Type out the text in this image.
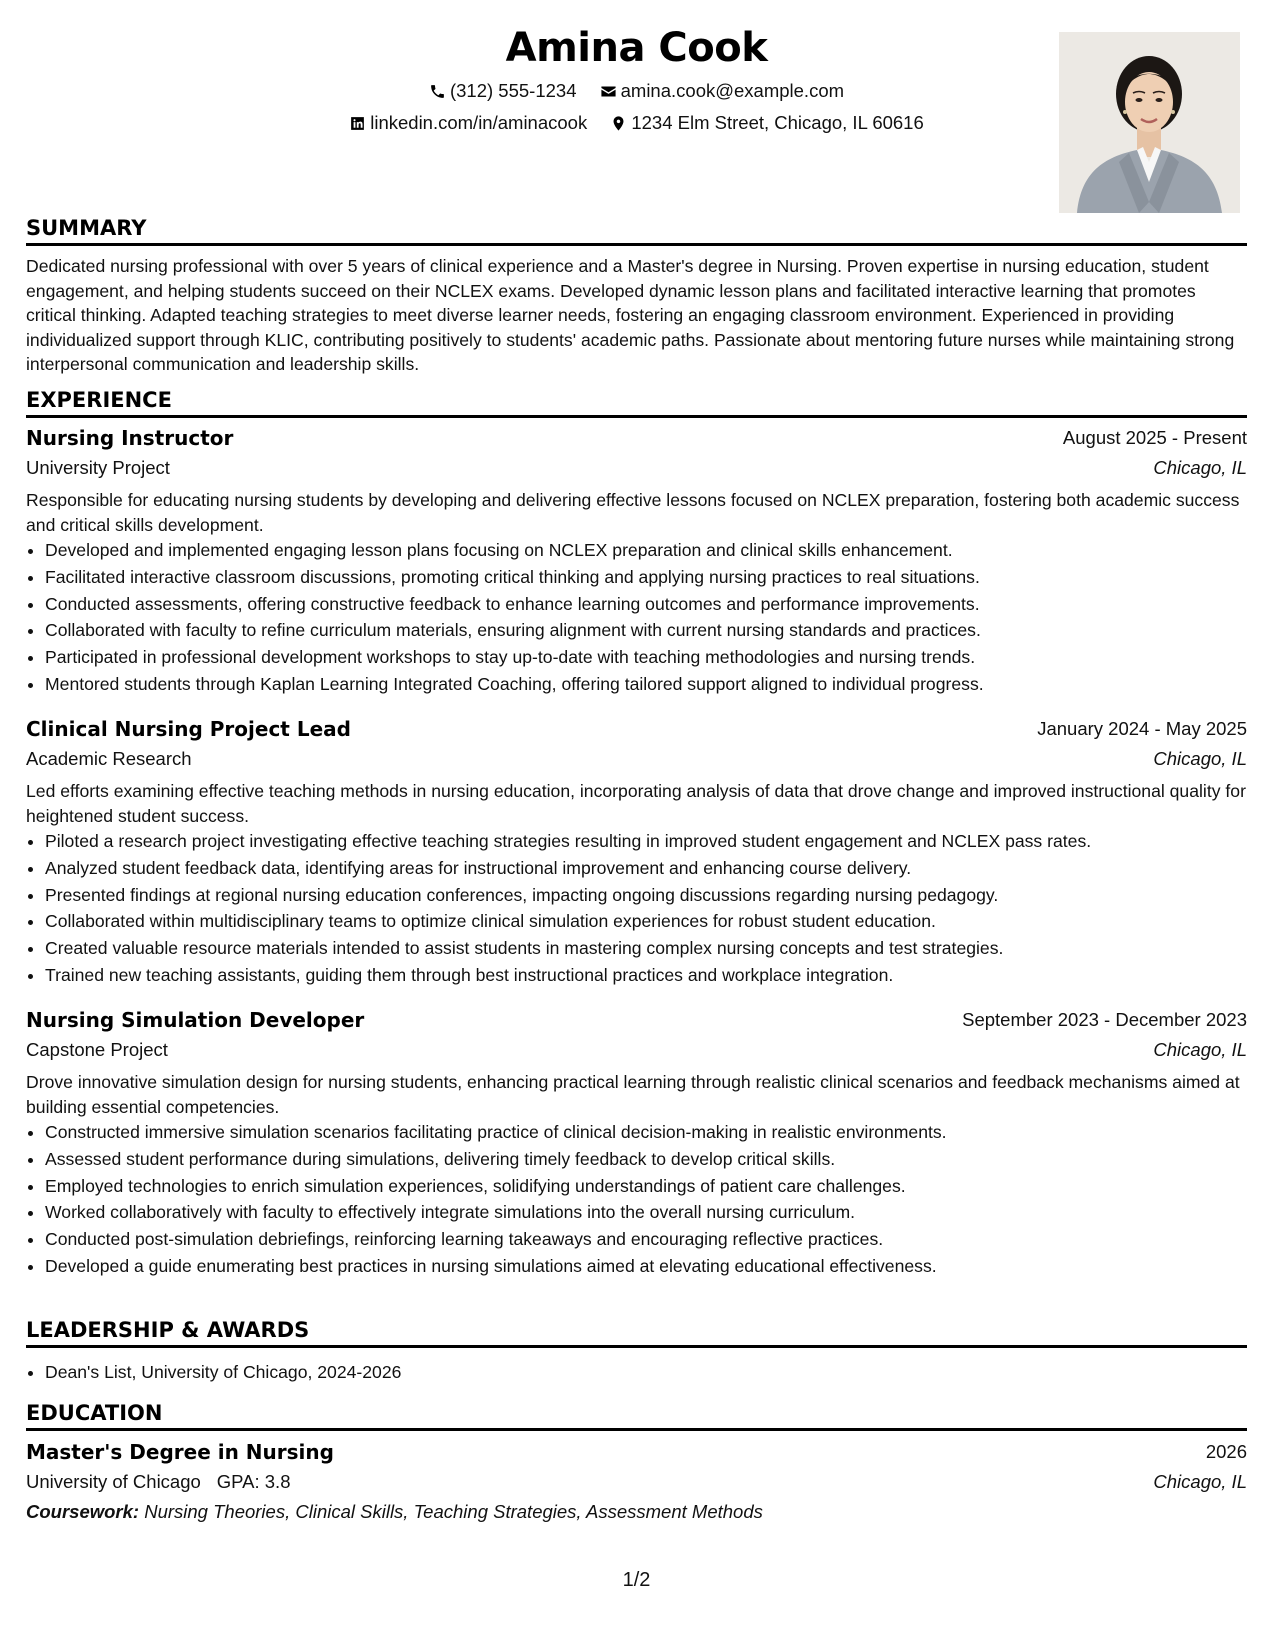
Amina Cook
(312) 555-1234
amina.cook@example.com
linkedin.com/in/aminacook
1234 Elm Street, Chicago, IL 60616
SUMMARY

Dedicated nursing professional with over 5 years of clinical experience and a Master's degree in Nursing. Proven expertise in nursing education, student engagement, and helping students succeed on their NCLEX exams. Developed dynamic lesson plans and facilitated interactive learning that promotes critical thinking. Adapted teaching strategies to meet diverse learner needs, fostering an engaging classroom environment. Experienced in providing individualized support through KLIC, contributing positively to students' academic paths. Passionate about mentoring future nurses while maintaining strong interpersonal communication and leadership skills.

EXPERIENCE
Nursing Instructor	August 2025 - Present
University Project	Chicago, IL

Responsible for educating nursing students by developing and delivering effective lessons focused on NCLEX preparation, fostering both academic success and critical skills development.

• Developed and implemented engaging lesson plans focusing on NCLEX preparation and clinical skills enhancement.
• Facilitated interactive classroom discussions, promoting critical thinking and applying nursing practices to real situations.
• Conducted assessments, offering constructive feedback to enhance learning outcomes and performance improvements.
• Collaborated with faculty to refine curriculum materials, ensuring alignment with current nursing standards and practices.
• Participated in professional development workshops to stay up-to-date with teaching methodologies and nursing trends.
• Mentored students through Kaplan Learning Integrated Coaching, offering tailored support aligned to individual progress.
Clinical Nursing Project Lead	January 2024 - May 2025
Academic Research	Chicago, IL

Led efforts examining effective teaching methods in nursing education, incorporating analysis of data that drove change and improved instructional quality for heightened student success.

• Piloted a research project investigating effective teaching strategies resulting in improved student engagement and NCLEX pass rates.
• Analyzed student feedback data, identifying areas for instructional improvement and enhancing course delivery.
• Presented findings at regional nursing education conferences, impacting ongoing discussions regarding nursing pedagogy.
• Collaborated within multidisciplinary teams to optimize clinical simulation experiences for robust student education.
• Created valuable resource materials intended to assist students in mastering complex nursing concepts and test strategies.
• Trained new teaching assistants, guiding them through best instructional practices and workplace integration.
Nursing Simulation Developer	September 2023 - December 2023
Capstone Project	Chicago, IL

Drove innovative simulation design for nursing students, enhancing practical learning through realistic clinical scenarios and feedback mechanisms aimed at building essential competencies.

• Constructed immersive simulation scenarios facilitating practice of clinical decision-making in realistic environments.
• Assessed student performance during simulations, delivering timely feedback to develop critical skills.
• Employed technologies to enrich simulation experiences, solidifying understandings of patient care challenges.
• Worked collaboratively with faculty to effectively integrate simulations into the overall nursing curriculum.
• Conducted post-simulation debriefings, reinforcing learning takeaways and encouraging reflective practices.
• Developed a guide enumerating best practices in nursing simulations aimed at elevating educational effectiveness.
LEADERSHIP & AWARDS
• Dean's List, University of Chicago, 2024-2026
EDUCATION
Master's Degree in Nursing	2026
University of Chicago GPA: 3.8	Chicago, IL
Coursework: Nursing Theories, Clinical Skills, Teaching Strategies, Assessment Methods
1/2
